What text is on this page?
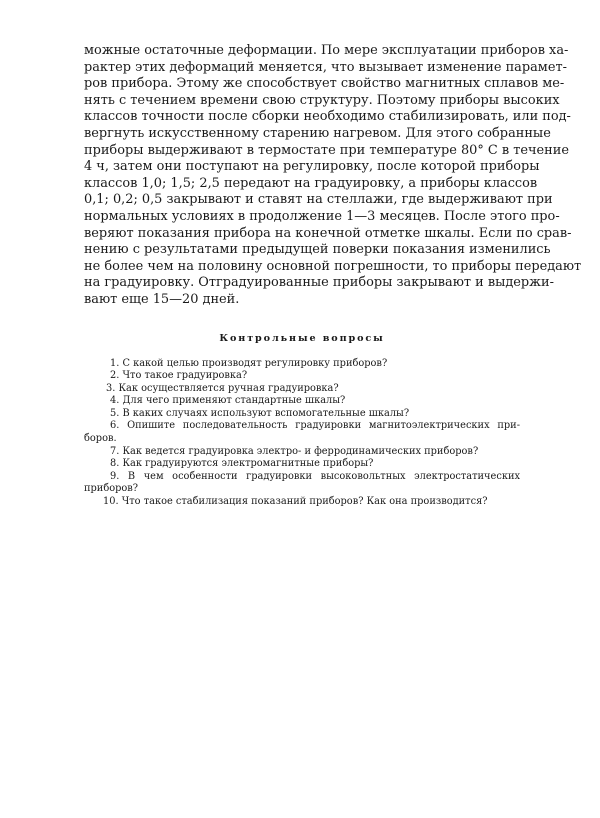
можные остаточные деформации. По мере эксплуатации приборов ха-
рактер этих деформаций меняется, что вызывает изменение парамет-
ров прибора. Этому же способствует свойство магнитных сплавов ме-
нять с течением времени свою структуру. Поэтому приборы высоких
классов точности после сборки необходимо стабилизировать, или под-
вергнуть искусственному старению нагревом. Для этого собранные
приборы выдерживают в термостате при температуре 80° С в течение
4 ч, затем они поступают на регулировку, после которой приборы
классов 1,0; 1,5; 2,5 передают на градуировку, а приборы классов
0,1; 0,2; 0,5 закрывают и ставят на стеллажи, где выдерживают при
нормальных условиях в продолжение 1—3 месяцев. После этого про-
веряют показания прибора на конечной отметке шкалы. Если по срав-
нению с результатами предыдущей поверки показания изменились
не более чем на половину основной погрешности, то приборы передают
на градуировку. Отградуированные приборы закрывают и выдержи-
вают еще 15—20 дней.
Контрольные вопросы
1. С какой целью производят регулировку приборов?
2. Что такое градуировка?
3. Как осуществляется ручная градуировка?
4. Для чего применяют стандартные шкалы?
5. В каких случаях используют вспомогательные шкалы?
6. Опишите последовательность градуировки магнитоэлектрических при-
боров.
7. Как ведется градуировка электро- и ферродинамических приборов?
8. Как градуируются электромагнитные приборы?
9. В чем особенности градуировки высоковольтных электростатических
приборов?
10. Что такое стабилизация показаний приборов? Как она производится?
